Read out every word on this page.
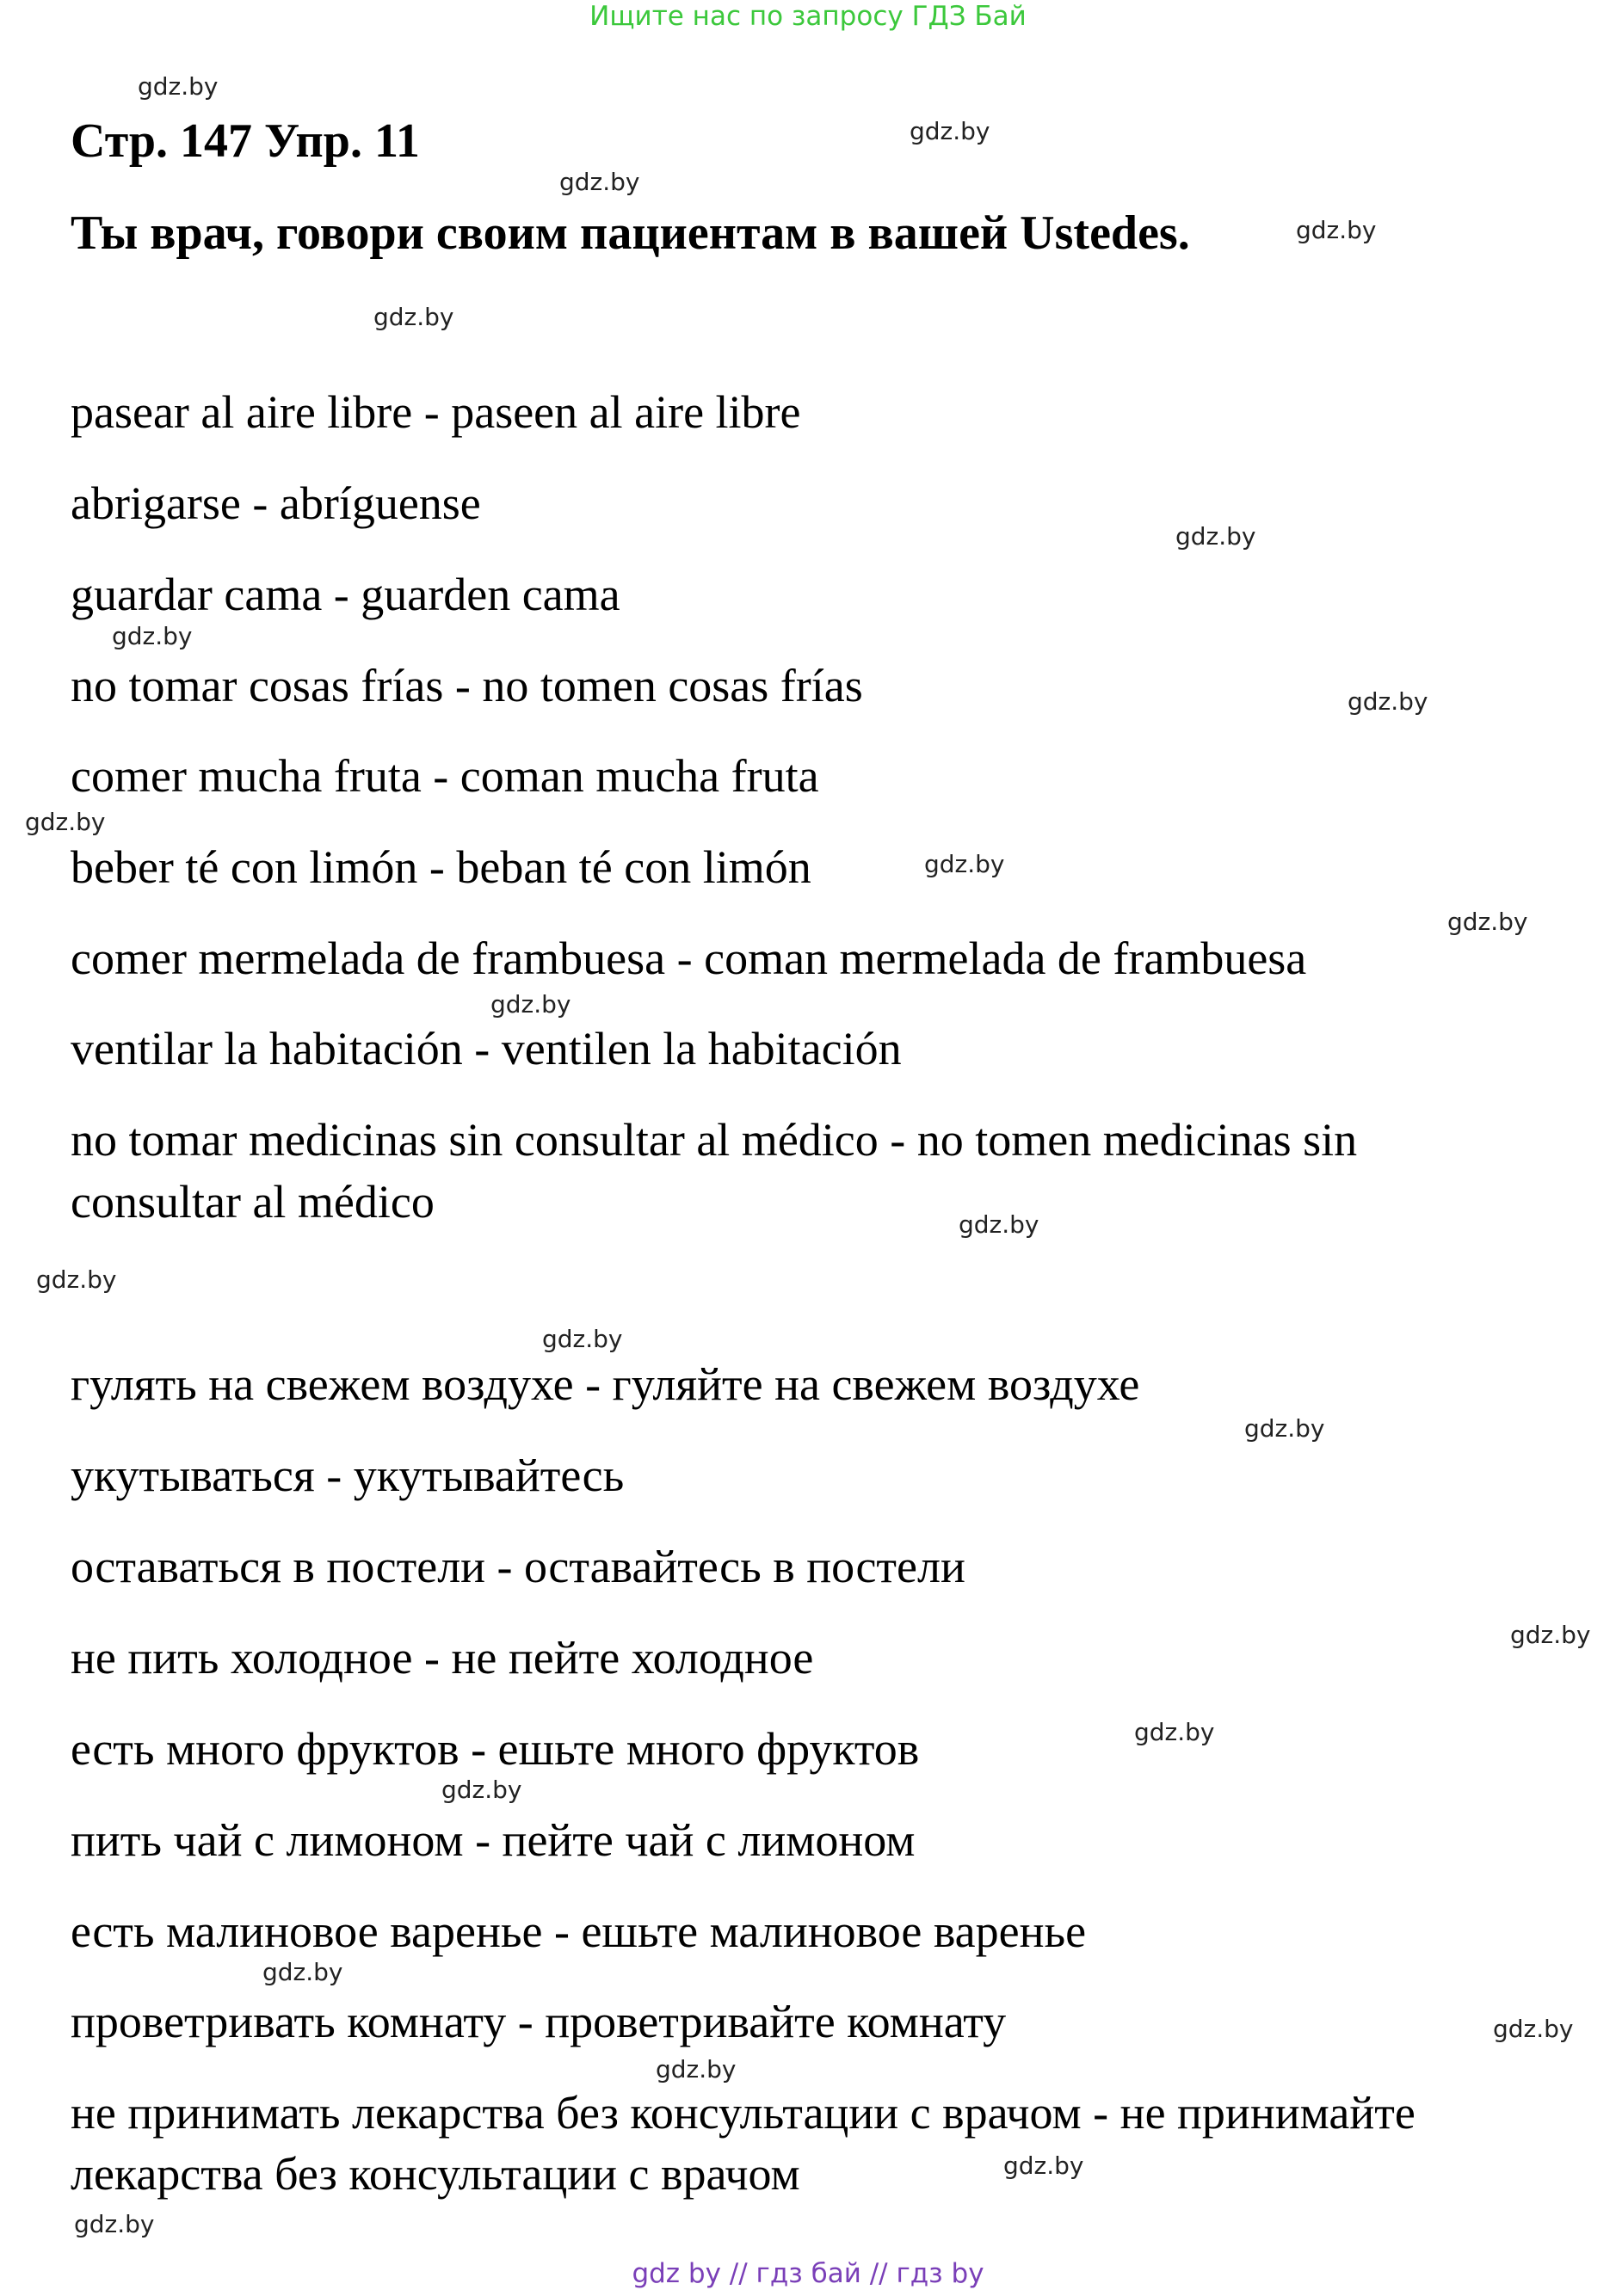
Ищите нас по запросу ГДЗ Бай
Стр. 147 Упр. 11
Ты врач, говори своим пациентам в вашей Ustedes.
pasear al aire libre - paseen al aire libre
abrigarse - abríguense
guardar cama - guarden cama
no tomar cosas frías - no tomen cosas frías
comer mucha fruta - coman mucha fruta
beber té con limón - beban té con limón
comer mermelada de frambuesa - coman mermelada de frambuesa
ventilar la habitación - ventilen la habitación
no tomar medicinas sin consultar al médico - no tomen medicinas sin
consultar al médico
гулять на свежем воздухе - гуляйте на свежем воздухе
укутываться - укутывайтесь
оставаться в постели - оставайтесь в постели
не пить холодное - не пейте холодное
есть много фруктов - ешьте много фруктов
пить чай с лимоном - пейте чай с лимоном
есть малиновое варенье - ешьте малиновое варенье
проветривать комнату - проветривайте комнату
не принимать лекарства без консультации с врачом - не принимайте
лекарства без консультации с врачом
gdz.by
gdz.by
gdz.by
gdz.by
gdz.by
gdz.by
gdz.by
gdz.by
gdz.by
gdz.by
gdz.by
gdz.by
gdz.by
gdz.by
gdz.by
gdz.by
gdz.by
gdz.by
gdz.by
gdz.by
gdz.by
gdz.by
gdz.by
gdz.by
gdz by // гдз бай // гдз by
